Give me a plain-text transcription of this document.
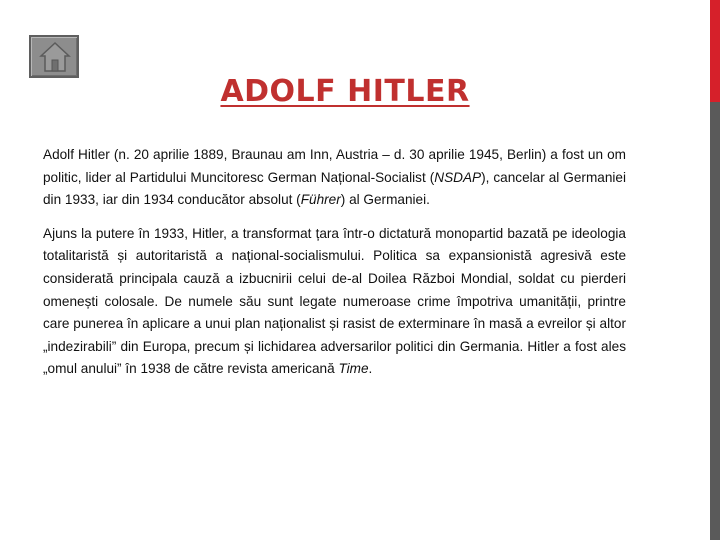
ADOLF HITLER

Adolf Hitler (n. 20 aprilie 1889, Braunau am Inn, Austria – d. 30 aprilie 1945, Berlin) a fost un om politic, lider al Partidului Muncitoresc German Național-Socialist (NSDAP), cancelar al Germaniei din 1933, iar din 1934 conducător absolut (Führer) al Germaniei.

Ajuns la putere în 1933, Hitler, a transformat țara într-o dictatură monopartid bazată pe ideologia totalitaristă și autoritaristă a național-socialismului. Politica sa expansionistă agresivă este considerată principala cauză a izbucnirii celui de-al Doilea Război Mondial, soldat cu pierderi omenești colosale. De numele său sunt legate numeroase crime împotriva umanității, printre care punerea în aplicare a unui plan naționalist și rasist de exterminare în masă a evreilor și altor „indezirabili” din Europa, precum și lichidarea adversarilor politici din Germania. Hitler a fost ales „omul anului” în 1938 de către revista americană Time.
